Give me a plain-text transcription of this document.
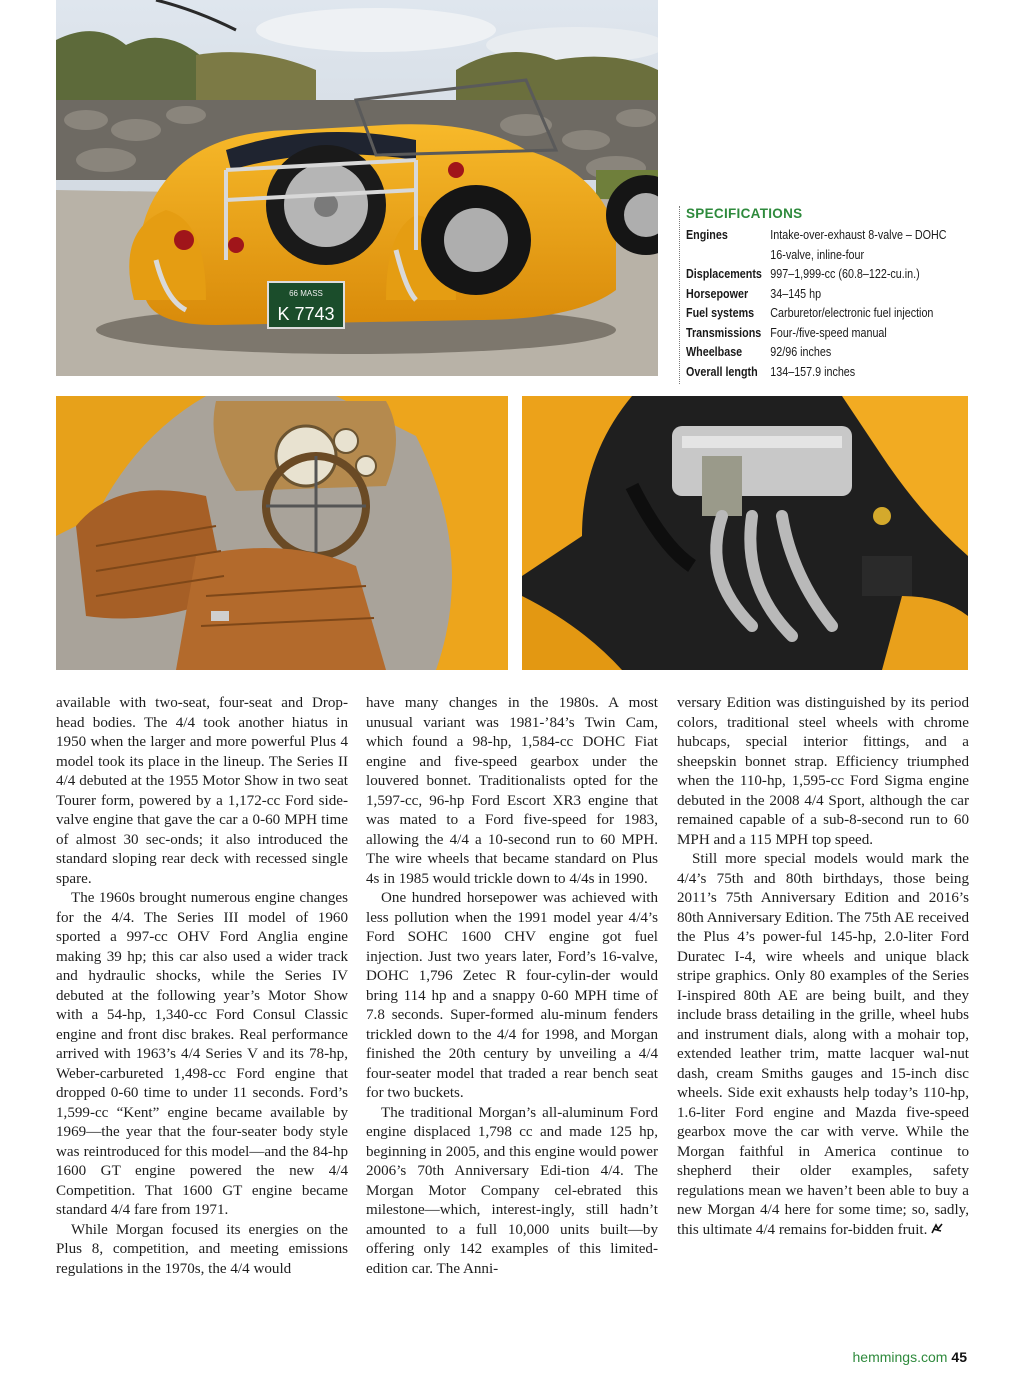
66 MASS
K 7743
SPECIFICATIONS
Engines	Intake-over-exhaust 8-valve – DOHC
16-valve, inline-four
Displacements 997–1,999-cc (60.8–122-cu.in.)
Horsepower	34–145 hp
Fuel systems	Carburetor/electronic fuel injection
Transmissions Four-/five-speed manual
Wheelbase	92/96 inches
Overall length	134–157.9 inches

available with two-seat, four-seat and Drop-head bodies. The 4/4 took another hiatus in 1950 when the larger and more powerful Plus 4 model took its place in the lineup. The Series II 4/4 debuted at the 1955 Motor Show in two seat Tourer form, powered by a 1,172-cc Ford side-valve engine that gave the car a 0-60 MPH time of almost 30 sec-onds; it also introduced the standard sloping rear deck with recessed single spare.

The 1960s brought numerous engine changes for the 4/4. The Series III model of 1960 sported a 997-cc OHV Ford Anglia engine making 39 hp; this car also used a wider track and hydraulic shocks, while the Series IV debuted at the following year’s Motor Show with a 54-hp, 1,340-cc Ford Consul Classic engine and front disc brakes. Real performance arrived with 1963’s 4/4 Series V and its 78-hp, Weber-carbureted 1,498-cc Ford engine that dropped 0-60 time to under 11 seconds. Ford’s 1,599-cc “Kent” engine became available by 1969—the year that the four-seater body style was reintroduced for this model—and the 84-hp 1600 GT engine powered the new 4/4 Competition. That 1600 GT engine became standard 4/4 fare from 1971.

While Morgan focused its energies on the Plus 8, competition, and meeting emissions regulations in the 1970s, the 4/4 would

have many changes in the 1980s. A most unusual variant was 1981-’84’s Twin Cam, which found a 98-hp, 1,584-cc DOHC Fiat engine and five-speed gearbox under the louvered bonnet. Traditionalists opted for the 1,597-cc, 96-hp Ford Escort XR3 engine that was mated to a Ford five-speed for 1983, allowing the 4/4 a 10-second run to 60 MPH. The wire wheels that became standard on Plus 4s in 1985 would trickle down to 4/4s in 1990.

One hundred horsepower was achieved with less pollution when the 1991 model year 4/4’s Ford SOHC 1600 CHV engine got fuel injection. Just two years later, Ford’s 16-valve, DOHC 1,796 Zetec R four-cylin-der would bring 114 hp and a snappy 0-60 MPH time of 7.8 seconds. Super-formed alu-minum fenders trickled down to the 4/4 for 1998, and Morgan finished the 20th century by unveiling a 4/4 four-seater model that traded a rear bench seat for two buckets.

The traditional Morgan’s all-aluminum Ford engine displaced 1,798 cc and made 125 hp, beginning in 2005, and this engine would power 2006’s 70th Anniversary Edi-tion 4/4. The Morgan Motor Company cel-ebrated this milestone—which, interest-ingly, still hadn’t amounted to a full 10,000 units built—by offering only 142 examples of this limited-edition car. The Anni-

versary Edition was distinguished by its period colors, traditional steel wheels with chrome hubcaps, special interior fittings, and a sheepskin bonnet strap. Efficiency triumphed when the 110-hp, 1,595-cc Ford Sigma engine debuted in the 2008 4/4 Sport, although the car remained capable of a sub-8-second run to 60 MPH and a 115 MPH top speed.

Still more special models would mark the 4/4’s 75th and 80th birthdays, those being 2011’s 75th Anniversary Edition and 2016’s 80th Anniversary Edition. The 75th AE received the Plus 4’s power-ful 145-hp, 2.0-liter Ford Duratec I-4, wire wheels and unique black stripe graphics. Only 80 examples of the Series I-inspired 80th AE are being built, and they include brass detailing in the grille, wheel hubs and instrument dials, along with a mohair top, extended leather trim, matte lacquer wal-nut dash, cream Smiths gauges and 15-inch disc wheels. Side exit exhausts help today’s 110-hp, 1.6-liter Ford engine and Mazda five-speed gearbox move the car with verve. While the Morgan faithful in America continue to shepherd their older examples, safety regulations mean we haven’t been able to buy a new Morgan 4/4 here for some time; so, sadly, this ultimate 4/4 remains for-bidden fruit.

hemmings.com 45
